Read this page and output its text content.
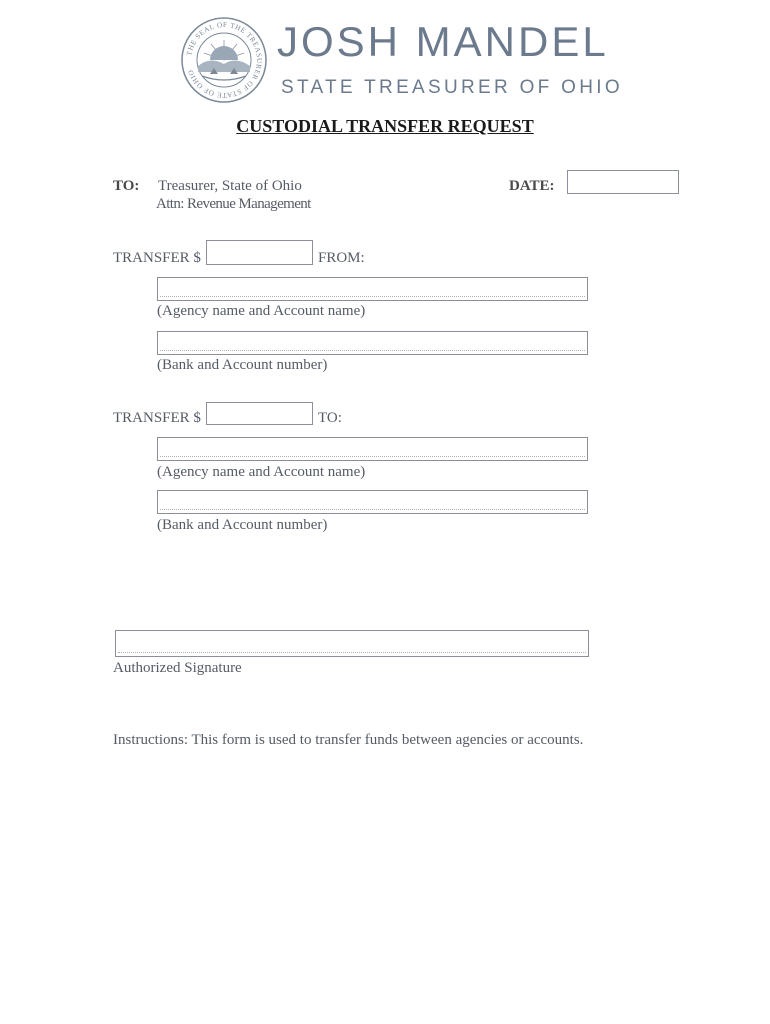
THE SEAL OF THE TREASURER OF STATE OF OHIO
JOSH MANDEL
STATE TREASURER OF OHIO
CUSTODIAL TRANSFER REQUEST
TO: Treasurer, State of Ohio
Attn: Revenue Management
DATE:
TRANSFER $	FROM:
(Agency name and Account name)
(Bank and Account number)
TRANSFER $	TO:
(Agency name and Account name)
(Bank and Account number)
Authorized Signature
Instructions: This form is used to transfer funds between agencies or accounts.
